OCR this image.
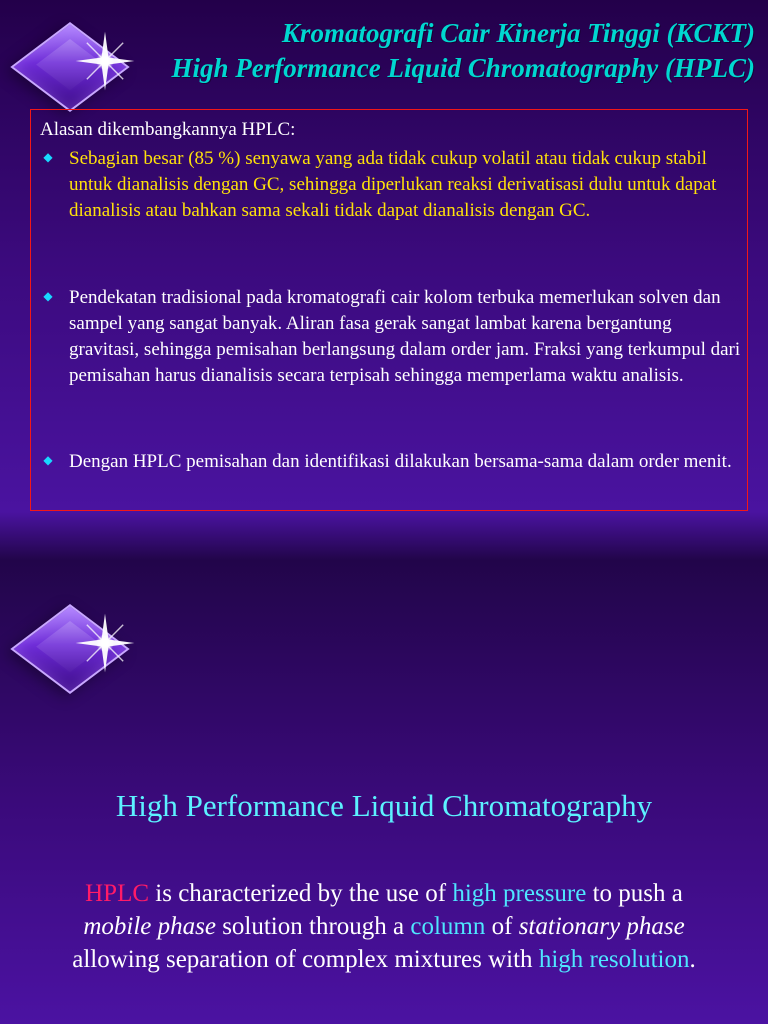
Kromatografi Cair Kinerja Tinggi (KCKT)
High Performance Liquid Chromatography (HPLC)
Alasan dikembangkannya HPLC:
◆ Sebagian besar (85 %) senyawa yang ada tidak cukup volatil atau tidak cukup stabil untuk dianalisis dengan GC, sehingga diperlukan reaksi derivatisasi dulu untuk dapat dianalisis atau bahkan sama sekali tidak dapat dianalisis dengan GC.
◆ Pendekatan tradisional pada kromatografi cair kolom terbuka memerlukan solven dan sampel yang sangat banyak. Aliran fasa gerak sangat lambat karena bergantung gravitasi, sehingga pemisahan berlangsung dalam order jam. Fraksi yang terkumpul dari pemisahan harus dianalisis secara terpisah sehingga memperlama waktu analisis.
◆ Dengan HPLC pemisahan dan identifikasi dilakukan bersama-sama dalam order menit.
High Performance Liquid Chromatography
HPLC is characterized by the use of high pressure to push a
mobile phase solution through a column of stationary phase
allowing separation of complex mixtures with high resolution.
